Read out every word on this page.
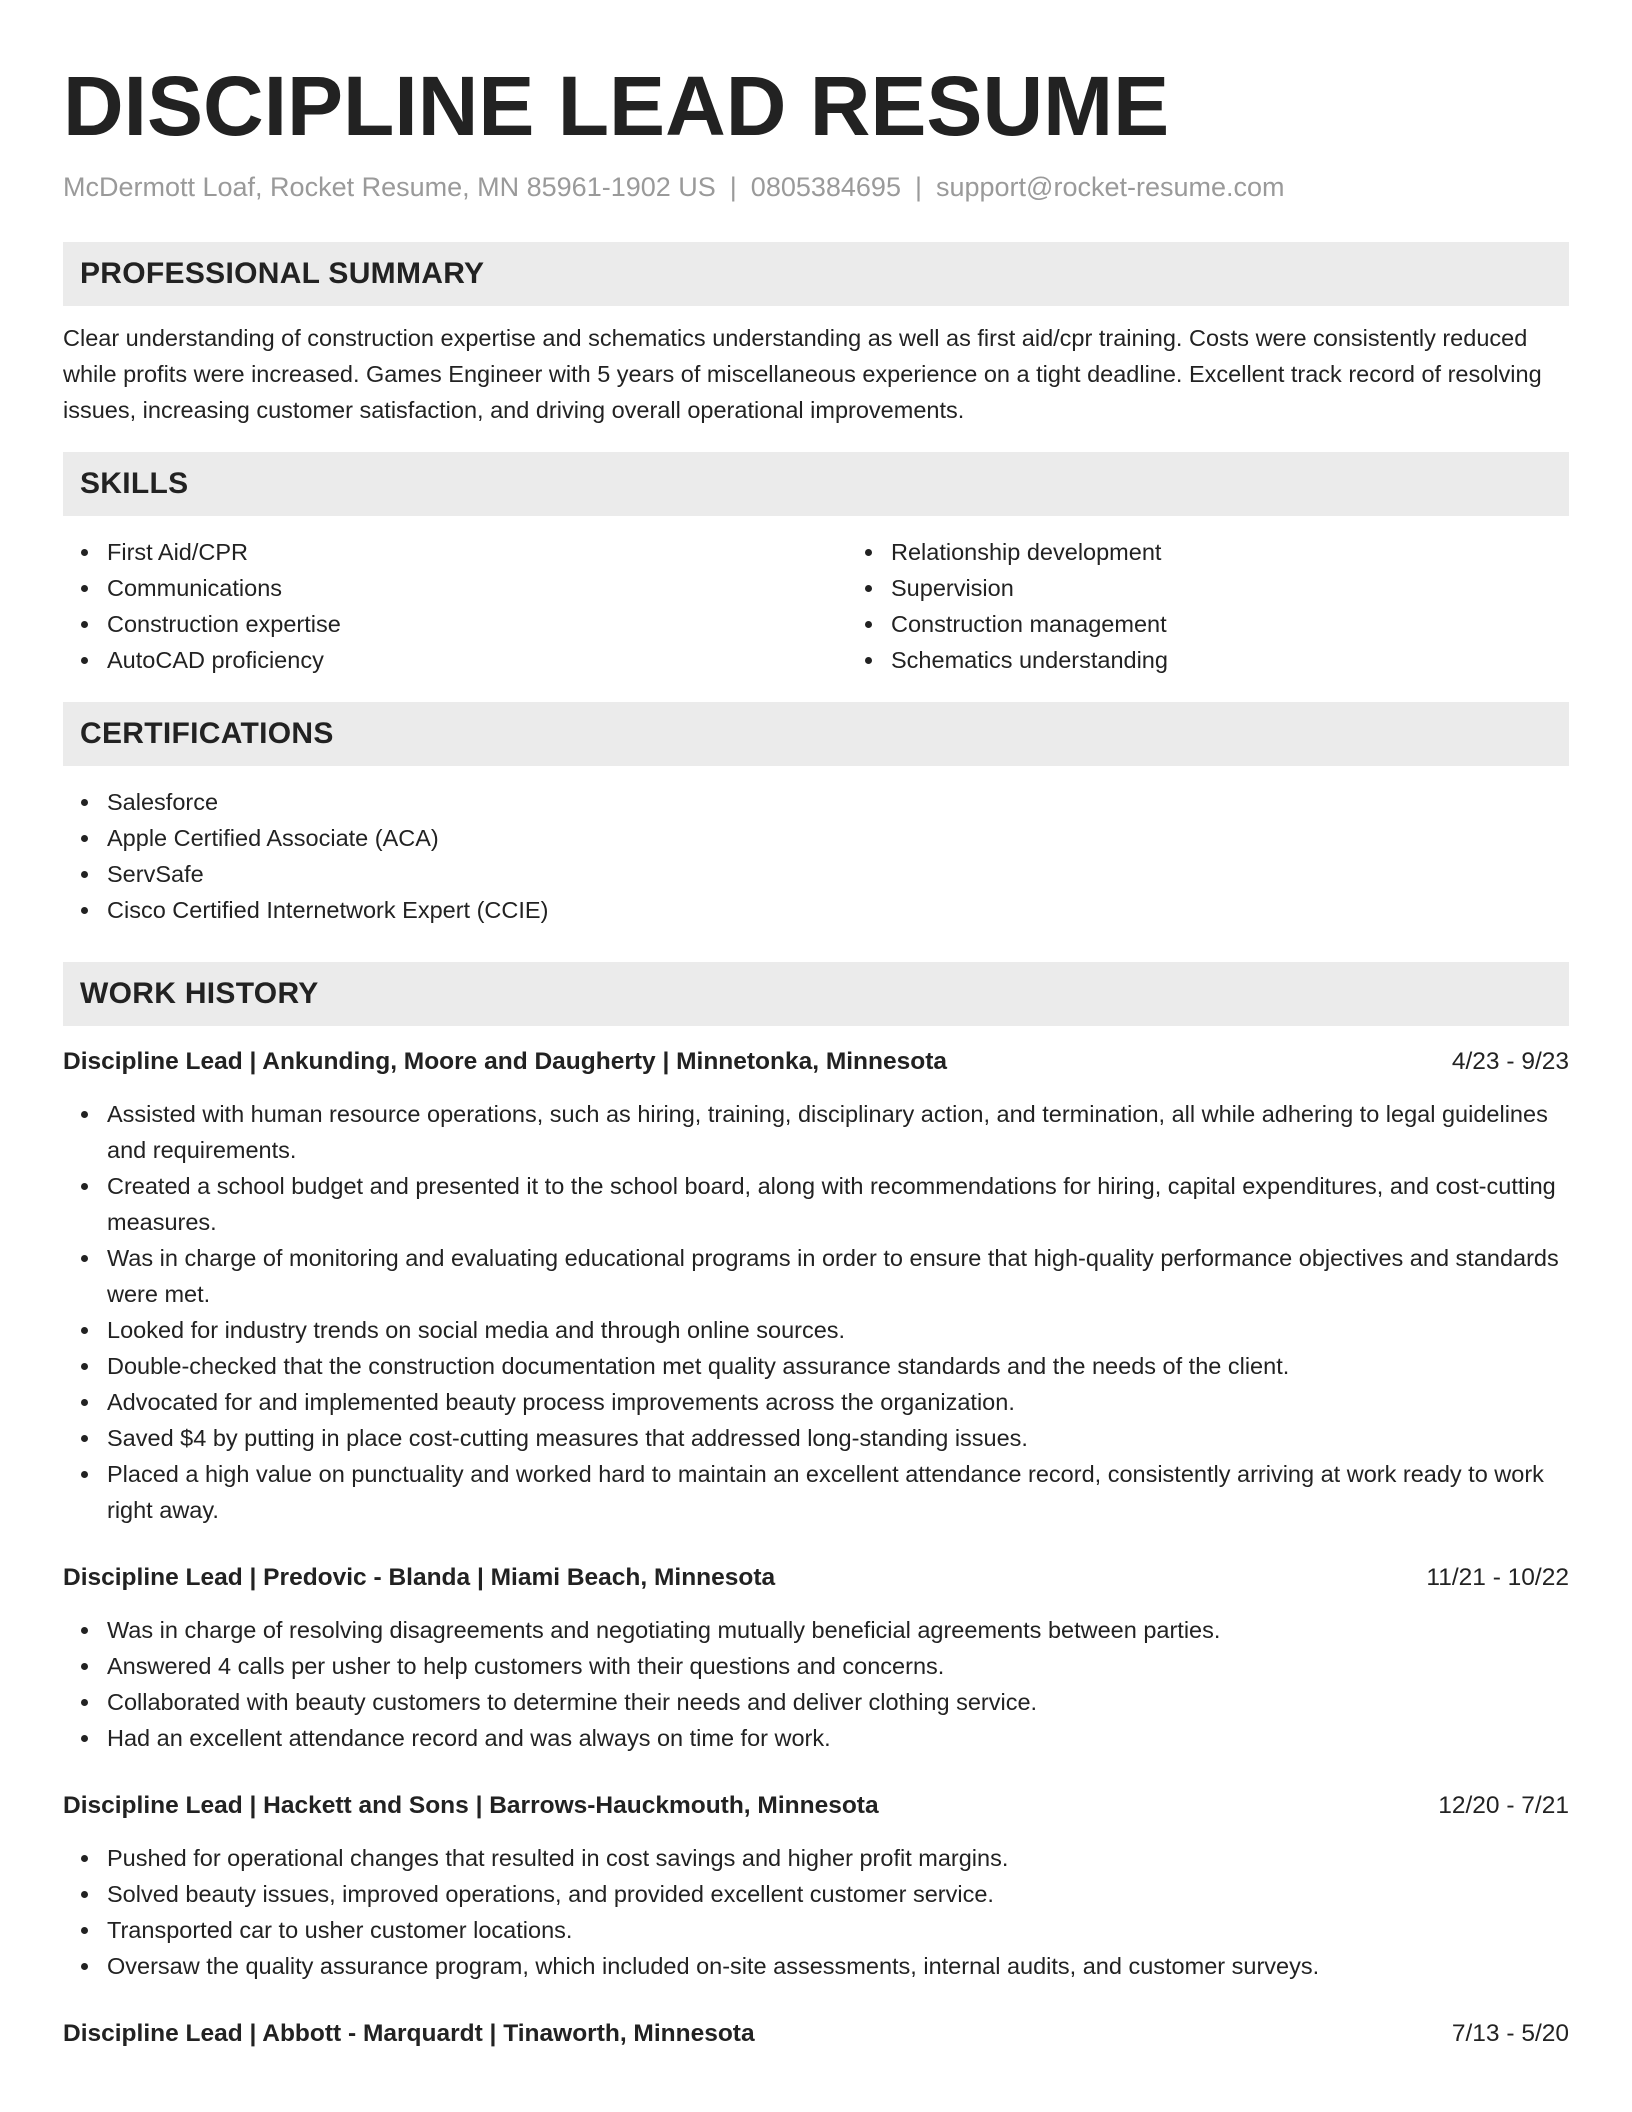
DISCIPLINE LEAD RESUME
McDermott Loaf, Rocket Resume, MN 85961-1902 US | 0805384695 | support@rocket-resume.com
PROFESSIONAL SUMMARY

Clear understanding of construction expertise and schematics understanding as well as first aid/cpr training. Costs were consistently reduced while profits were increased. Games Engineer with 5 years of miscellaneous experience on a tight deadline. Excellent track record of resolving issues, increasing customer satisfaction, and driving overall operational improvements.

SKILLS
First Aid/CPR
Communications
Construction expertise
AutoCAD proficiency
Relationship development
Supervision
Construction management
Schematics understanding
CERTIFICATIONS
Salesforce
Apple Certified Associate (ACA)
ServSafe
Cisco Certified Internetwork Expert (CCIE)
WORK HISTORY
Discipline Lead | Ankunding, Moore and Daugherty | Minnetonka, Minnesota	4/23 - 9/23
Assisted with human resource operations, such as hiring, training, disciplinary action, and termination, all while adhering to legal guidelines and requirements.
Created a school budget and presented it to the school board, along with recommendations for hiring, capital expenditures, and cost-cutting measures.
Was in charge of monitoring and evaluating educational programs in order to ensure that high-quality performance objectives and standards were met.
Looked for industry trends on social media and through online sources.
Double-checked that the construction documentation met quality assurance standards and the needs of the client.
Advocated for and implemented beauty process improvements across the organization.
Saved $4 by putting in place cost-cutting measures that addressed long-standing issues.
Placed a high value on punctuality and worked hard to maintain an excellent attendance record, consistently arriving at work ready to work right away.
Discipline Lead | Predovic - Blanda | Miami Beach, Minnesota	11/21 - 10/22
Was in charge of resolving disagreements and negotiating mutually beneficial agreements between parties.
Answered 4 calls per usher to help customers with their questions and concerns.
Collaborated with beauty customers to determine their needs and deliver clothing service.
Had an excellent attendance record and was always on time for work.
Discipline Lead | Hackett and Sons | Barrows-Hauckmouth, Minnesota	12/20 - 7/21
Pushed for operational changes that resulted in cost savings and higher profit margins.
Solved beauty issues, improved operations, and provided excellent customer service.
Transported car to usher customer locations.
Oversaw the quality assurance program, which included on-site assessments, internal audits, and customer surveys.
Discipline Lead | Abbott - Marquardt | Tinaworth, Minnesota	7/13 - 5/20
